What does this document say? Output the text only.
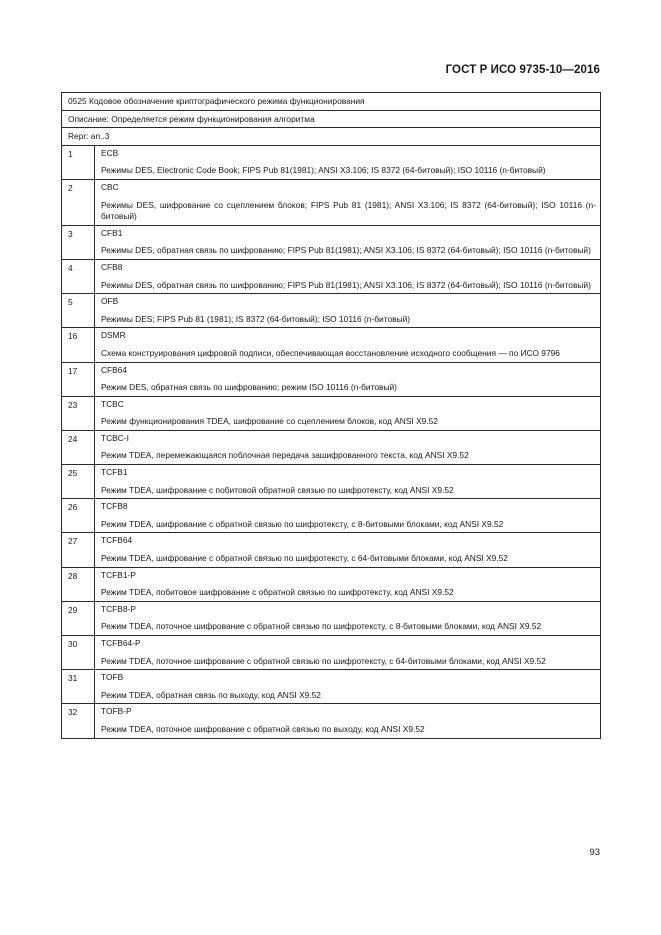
ГОСТ Р ИСО 9735-10—2016
0525 Кодовое обозначение криптографического режима функционирования	
Описание: Определяется режим функционирования алгоритма	
Repr: an..3	
1	ECB
Режимы DES, Electronic Code Book; FIPS Pub 81(1981); ANSI X3.106; IS 8372 (64-битовый); ISO 10116 (n-битовый)

2	CBC
Режимы DES, шифрование со сцеплением блоков; FIPS Pub 81 (1981); ANSI X3.106; IS 8372 (64-битовый); ISO 10116 (n-битовый)

3	CFB1
Режимы DES, обратная связь по шифрованию; FIPS Pub 81(1981); ANSI X3.106; IS 8372 (64-битовый); ISO 10116 (n-битовый)

4	CFB8
Режимы DES, обратная связь по шифрованию; FIPS Pub 81(1981); ANSI X3.106; IS 8372 (64-битовый); ISO 10116 (n-битовый)

5	OFB
Режимы DES; FIPS Pub 81 (1981); IS 8372 (64-битовый); ISO 10116 (n-битовый)

16	DSMR
Схема конструирования цифровой подписи, обеспечивающая восстановление исходного сообщения — по ИСО 9796

17	CFB64
Режим DES, обратная связь по шифрованию; режим ISO 10116 (n-битовый)

23	TCBC
Режим функционирования TDEA, шифрование со сцеплением блоков, код ANSI X9.52

24	TCBC-I
Режим TDEA, перемежающаяся поблочная передача зашифрованного текста, код ANSI X9.52

25	TCFB1
Режим TDEA, шифрование с побитовой обратной связью по шифротексту, код ANSI X9.52

26	TCFB8
Режим TDEA, шифрование с обратной связью по шифротексту, с 8-битовыми блоками, код ANSI X9.52

27	TCFB64
Режим TDEA, шифрование с обратной связью по шифротексту, с 64-битовыми блоками, код ANSI X9.52

28	TCFB1-P
Режим TDEA, побитовое шифрование с обратной связью по шифротексту, код ANSI X9.52

29	TCFB8-P
Режим TDEA, поточное шифрование с обратной связью по шифротексту, с 8-битовыми блоками, код ANSI X9.52

30	TCFB64-P
Режим TDEA, поточное шифрование с обратной связью по шифротексту, с 64-битовыми блоками, код ANSI X9.52

31	TOFB
Режим TDEA, обратная связь по выходу, код ANSI X9.52

32	TOFB-P
Режим TDEA, поточное шифрование с обратной связью по выходу, код ANSI X9.52
93
